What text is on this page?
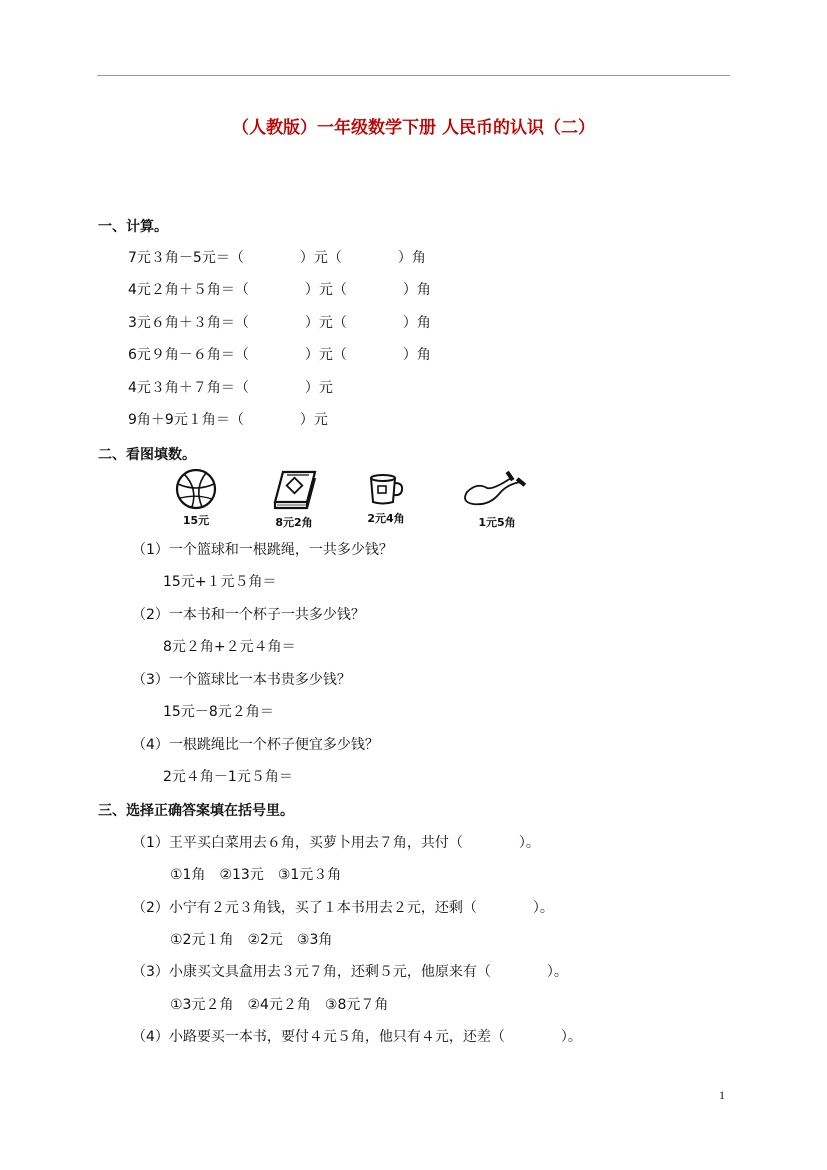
（人教版）一年级数学下册 人民币的认识（二）
一、计算。
7元３角－5元＝（　　　　）元（　　　　）角
4元２角＋５角＝（　　　　）元（　　　　）角
3元６角＋３角＝（　　　　）元（　　　　）角
6元９角－６角＝（　　　　）元（　　　　）角
4元３角＋７角＝（　　　　）元
9角＋9元１角＝（　　　　）元
二、看图填数。
15元	8元2角	2元4角	1元5角
（1）一个篮球和一根跳绳，一共多少钱？
15元+１元５角＝
（2）一本书和一个杯子一共多少钱？
8元２角+２元４角＝
（3）一个篮球比一本书贵多少钱？
15元－8元２角＝
（4）一根跳绳比一个杯子便宜多少钱？
2元４角－1元５角＝
三、选择正确答案填在括号里。
（1）王平买白菜用去６角，买萝卜用去７角，共付（　　　　）。
①1角　②13元　③1元３角
（2）小宁有２元３角钱，买了１本书用去２元，还剩（　　　　）。
①2元１角　②2元　③3角
（3）小康买文具盒用去３元７角，还剩５元，他原来有（　　　　）。
①3元２角　②4元２角　③8元７角
（4）小路要买一本书，要付４元５角，他只有４元，还差（　　　　）。
1
